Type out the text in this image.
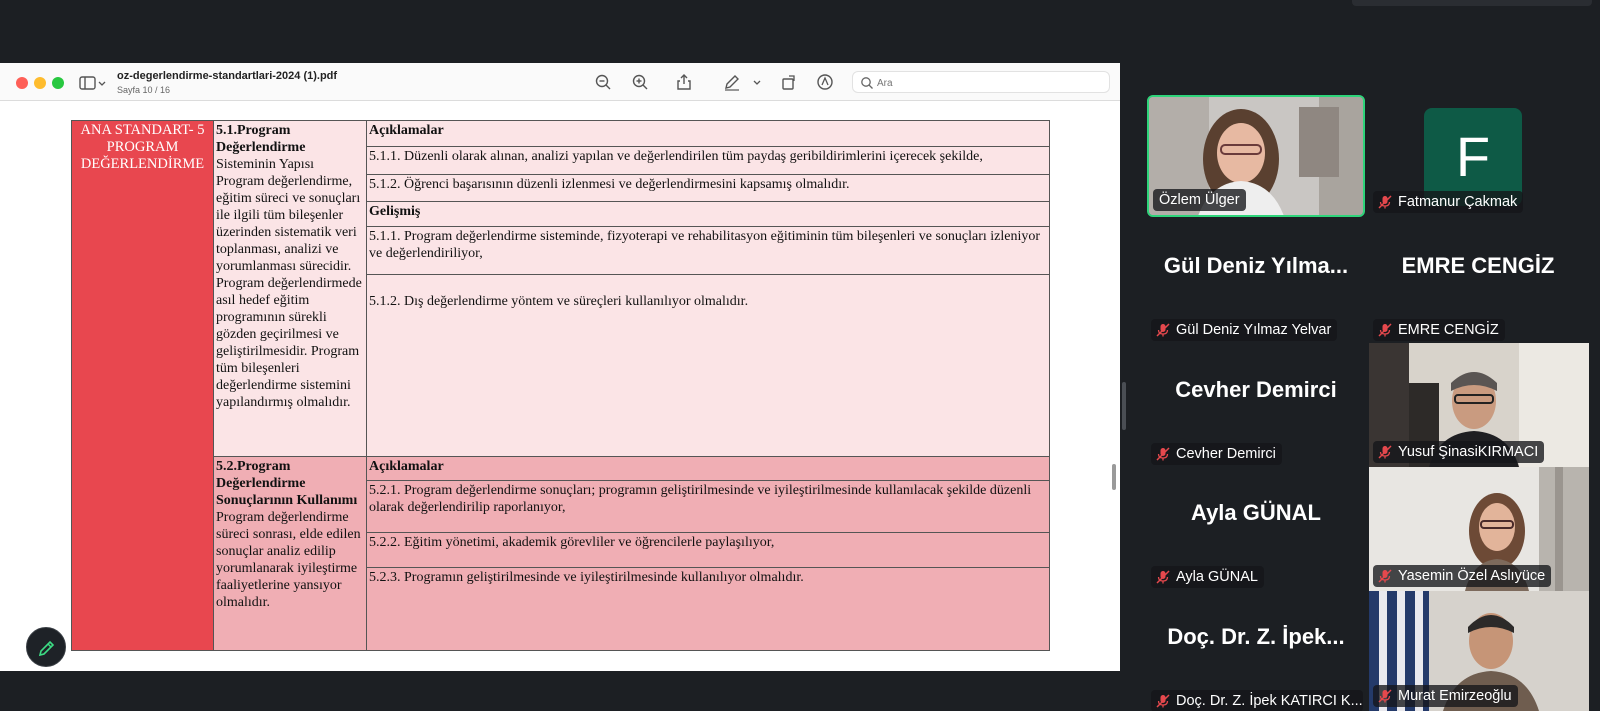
oz-degerlendirme-standartlari-2024 (1).pdf
Sayfa 10 / 16
Ara
ANA STANDART- 5 PROGRAM DEĞERLENDİRME	5.1.Program Değerlendirme
Sisteminin Yapısı Program değerlendirme, eğitim süreci ve sonuçları ile ilgili tüm bileşenler üzerinden sistematik veri toplanması, analizi ve yorumlanması sürecidir. Program değerlendirmede asıl hedef eğitim programının sürekli gözden geçirilmesi ve geliştirilmesidir. Program tüm bileşenleri değerlendirme sistemini yapılandırmış olmalıdır.	Açıklamalar
		5.1.1. Düzenli olarak alınan, analizi yapılan ve değerlendirilen tüm paydaş geribildirimlerini içerecek şekilde,
		5.1.2. Öğrenci başarısının düzenli izlenmesi ve değerlendirmesini kapsamış olmalıdır.
		Gelişmiş
		5.1.1. Program değerlendirme sisteminde, fizyoterapi ve rehabilitasyon eğitiminin tüm bileşenleri ve sonuçları izleniyor ve değerlendiriliyor,
		5.1.2. Dış değerlendirme yöntem ve süreçleri kullanılıyor olmalıdır.

	5.2.Program Değerlendirme Sonuçlarının Kullanımı
Program değerlendirme süreci sonrası, elde edilen sonuçlar analiz edilip yorumlanarak iyileştirme faaliyetlerine yansıyor olmalıdır.	Açıklamalar
		5.2.1. Program değerlendirme sonuçları; programın geliştirilmesinde ve iyileştirilmesinde kullanılacak şekilde düzenli olarak değerlendirilip raporlanıyor,
		5.2.2. Eğitim yönetimi, akademik görevliler ve öğrencilerle paylaşılıyor,
		5.2.3. Programın geliştirilmesinde ve iyileştirilmesinde kullanılıyor olmalıdır.
Özlem Ülger
F
Fatmanur Çakmak
Gül Deniz Yılma...
Gül Deniz Yılmaz Yelvar
EMRE CENGİZ
EMRE CENGİZ
Cevher Demirci
Cevher Demirci	Yusuf ŞinasiKIRMACI
Ayla GÜNAL
Ayla GÜNAL	Yasemin Özel Aslıyüce
Doç. Dr. Z. İpek...
Doç. Dr. Z. İpek KATIRCI K... Murat Emirzeoğlu
